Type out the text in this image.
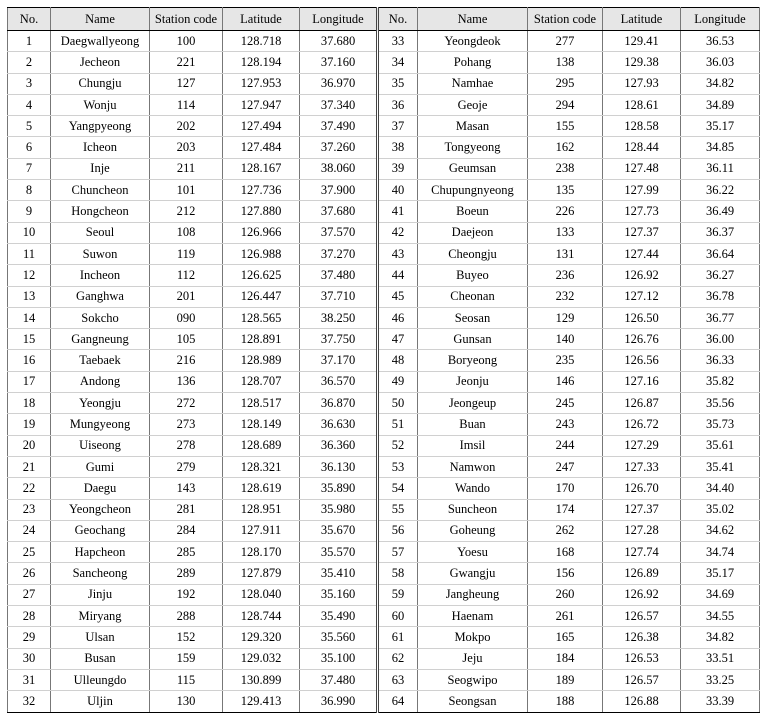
No.	Name	Station code	Latitude	Longitude	No.	Name	Station code	Latitude	Longitude
1	Daegwallyeong	100	128.718	37.680	33	Yeongdeok	277	129.41	36.53
2	Jecheon	221	128.194	37.160	34	Pohang	138	129.38	36.03
3	Chungju	127	127.953	36.970	35	Namhae	295	127.93	34.82
4	Wonju	114	127.947	37.340	36	Geoje	294	128.61	34.89
5	Yangpyeong	202	127.494	37.490	37	Masan	155	128.58	35.17
6	Icheon	203	127.484	37.260	38	Tongyeong	162	128.44	34.85
7	Inje	211	128.167	38.060	39	Geumsan	238	127.48	36.11
8	Chuncheon	101	127.736	37.900	40	Chupungnyeong	135	127.99	36.22
9	Hongcheon	212	127.880	37.680	41	Boeun	226	127.73	36.49
10	Seoul	108	126.966	37.570	42	Daejeon	133	127.37	36.37
11	Suwon	119	126.988	37.270	43	Cheongju	131	127.44	36.64
12	Incheon	112	126.625	37.480	44	Buyeo	236	126.92	36.27
13	Ganghwa	201	126.447	37.710	45	Cheonan	232	127.12	36.78
14	Sokcho	090	128.565	38.250	46	Seosan	129	126.50	36.77
15	Gangneung	105	128.891	37.750	47	Gunsan	140	126.76	36.00
16	Taebaek	216	128.989	37.170	48	Boryeong	235	126.56	36.33
17	Andong	136	128.707	36.570	49	Jeonju	146	127.16	35.82
18	Yeongju	272	128.517	36.870	50	Jeongeup	245	126.87	35.56
19	Mungyeong	273	128.149	36.630	51	Buan	243	126.72	35.73
20	Uiseong	278	128.689	36.360	52	Imsil	244	127.29	35.61
21	Gumi	279	128.321	36.130	53	Namwon	247	127.33	35.41
22	Daegu	143	128.619	35.890	54	Wando	170	126.70	34.40
23	Yeongcheon	281	128.951	35.980	55	Suncheon	174	127.37	35.02
24	Geochang	284	127.911	35.670	56	Goheung	262	127.28	34.62
25	Hapcheon	285	128.170	35.570	57	Yoesu	168	127.74	34.74
26	Sancheong	289	127.879	35.410	58	Gwangju	156	126.89	35.17
27	Jinju	192	128.040	35.160	59	Jangheung	260	126.92	34.69
28	Miryang	288	128.744	35.490	60	Haenam	261	126.57	34.55
29	Ulsan	152	129.320	35.560	61	Mokpo	165	126.38	34.82
30	Busan	159	129.032	35.100	62	Jeju	184	126.53	33.51
31	Ulleungdo	115	130.899	37.480	63	Seogwipo	189	126.57	33.25
32	Uljin	130	129.413	36.990	64	Seongsan	188	126.88	33.39
